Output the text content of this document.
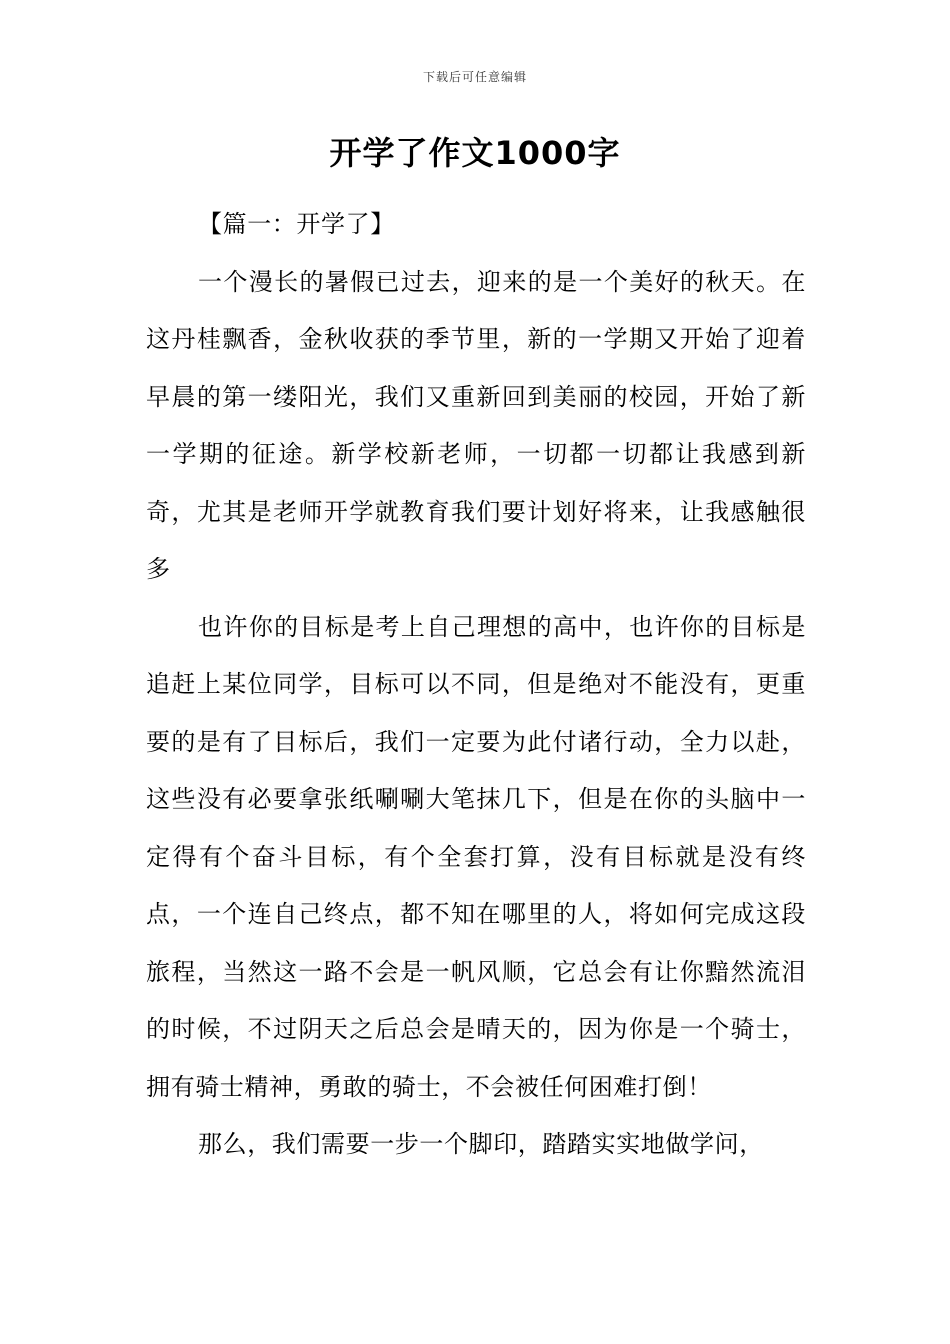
下载后可任意编辑
开学了作文1000字
【篇一：开学了】

一个漫长的暑假已过去，迎来的是一个美好的秋天。在这丹桂飘香，金秋收获的季节里，新的一学期又开始了迎着早晨的第一缕阳光，我们又重新回到美丽的校园，开始了新一学期的征途。新学校新老师，一切都一切都让我感到新奇，尤其是老师开学就教育我们要计划好将来，让我感触很多

也许你的目标是考上自己理想的高中，也许你的目标是追赶上某位同学，目标可以不同，但是绝对不能没有，更重要的是有了目标后，我们一定要为此付诸行动，全力以赴，这些没有必要拿张纸唰唰大笔抹几下，但是在你的头脑中一定得有个奋斗目标，有个全套打算，没有目标就是没有终点，一个连自己终点，都不知在哪里的人，将如何完成这段旅程，当然这一路不会是一帆风顺，它总会有让你黯然流泪的时候，不过阴天之后总会是晴天的，因为你是一个骑士，拥有骑士精神，勇敢的骑士，不会被任何困难打倒！

那么，我们需要一步一个脚印，踏踏实实地做学问，
